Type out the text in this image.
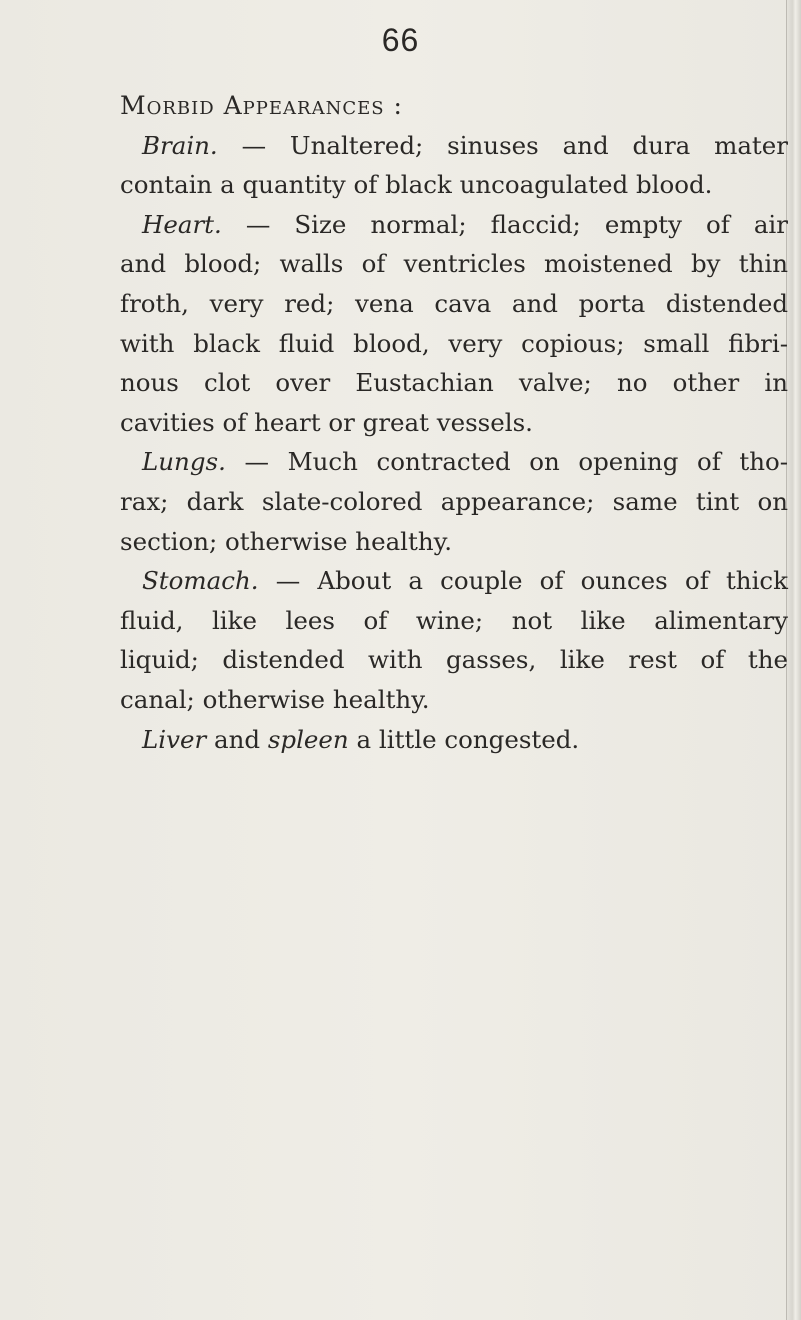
66
Morbid Appearances :
Brain. — Unaltered; sinuses and dura mater
contain a quantity of black uncoagulated blood.
Heart. — Size normal; flaccid; empty of air
and blood; walls of ventricles moistened by thin
froth, very red; vena cava and porta distended
with black fluid blood, very copious; small fibri-
nous clot over Eustachian valve; no other in
cavities of heart or great vessels.
Lungs. — Much contracted on opening of tho-
rax; dark slate-colored appearance; same tint on
section; otherwise healthy.
Stomach. — About a couple of ounces of thick
fluid, like lees of wine; not like alimentary
liquid; distended with gasses, like rest of the
canal; otherwise healthy.
Liver and spleen a little congested.
